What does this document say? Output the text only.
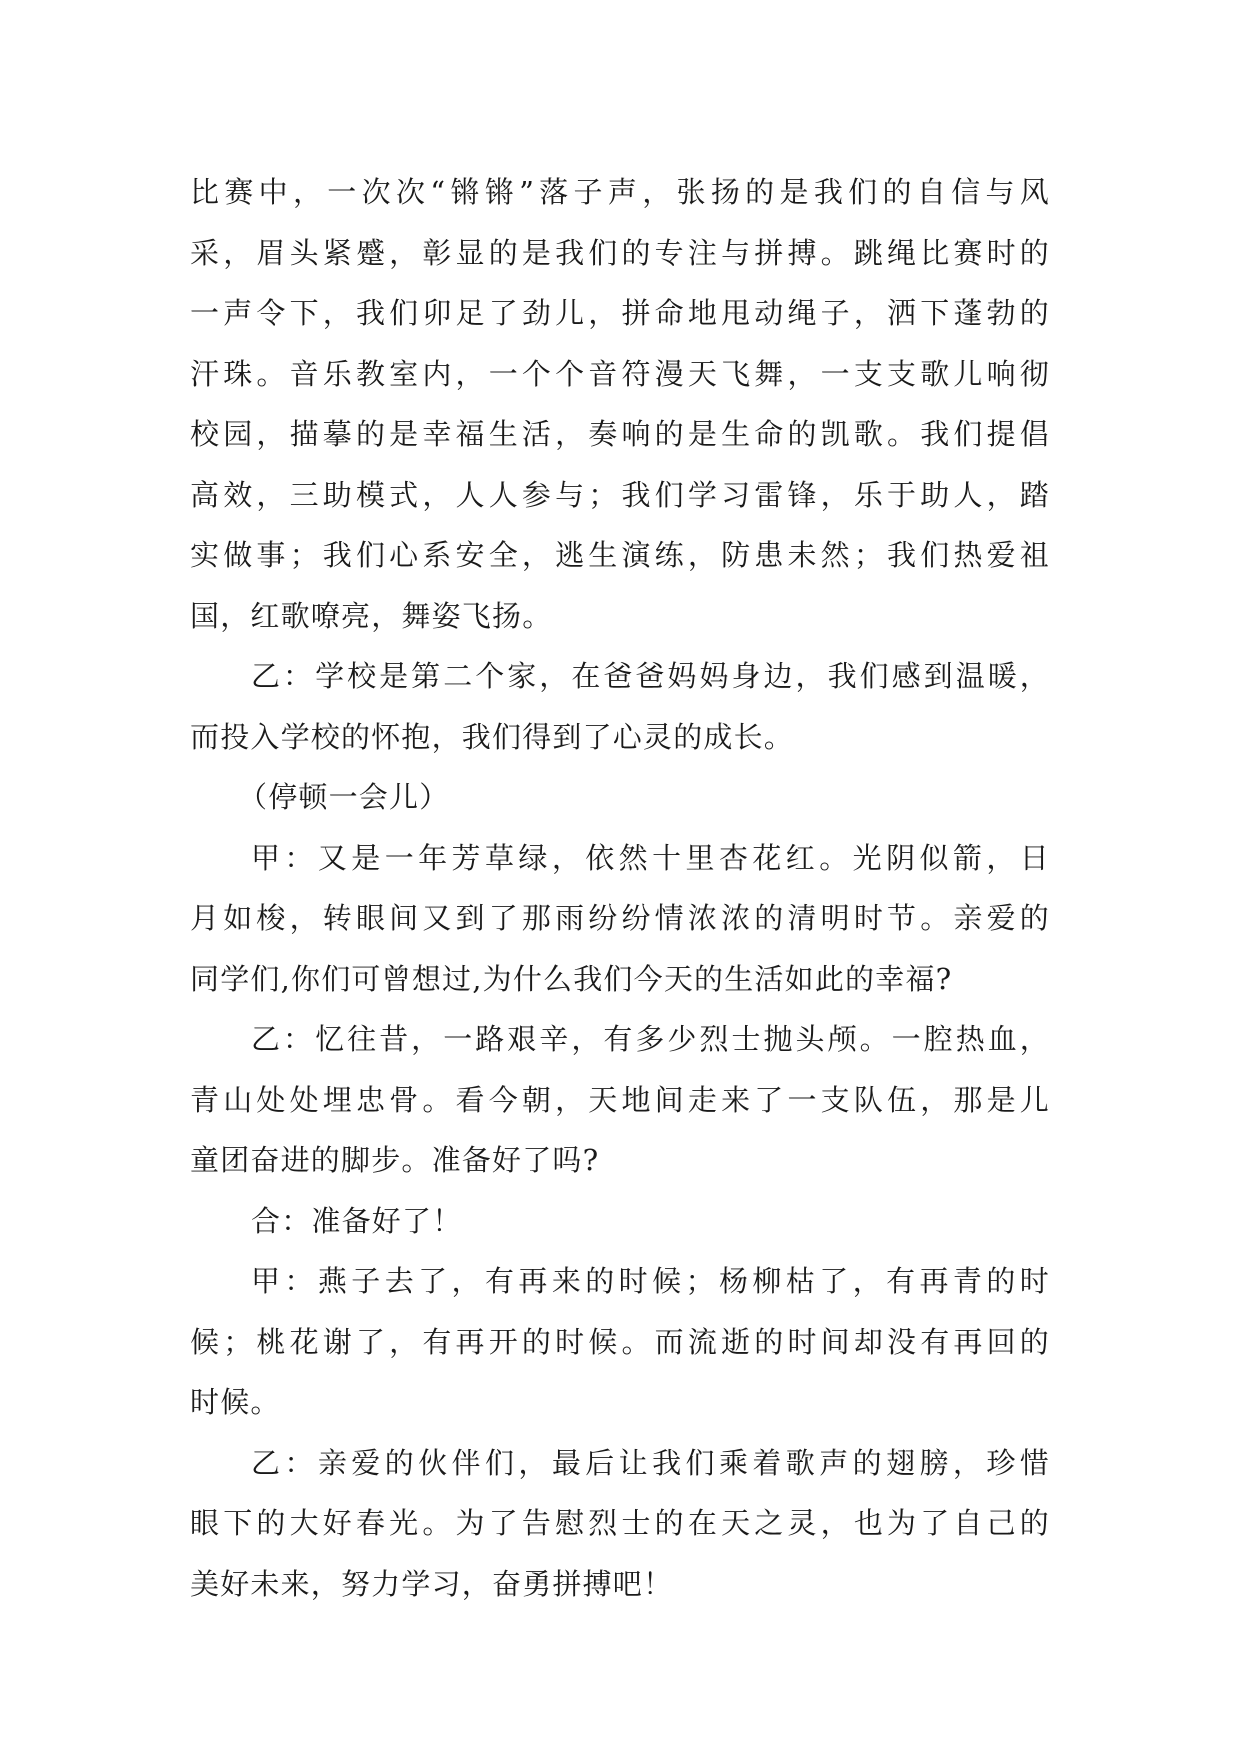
比赛中，一次次“锵锵”落子声，张扬的是我们的自信与风
采，眉头紧蹙，彰显的是我们的专注与拼搏。跳绳比赛时的
一声令下，我们卯足了劲儿，拼命地甩动绳子，洒下蓬勃的
汗珠。音乐教室内，一个个音符漫天飞舞，一支支歌儿响彻
校园，描摹的是幸福生活，奏响的是生命的凯歌。我们提倡
高效，三助模式，人人参与；我们学习雷锋，乐于助人，踏
实做事；我们心系安全，逃生演练，防患未然；我们热爱祖
国，红歌嘹亮，舞姿飞扬。
乙：学校是第二个家，在爸爸妈妈身边，我们感到温暖，
而投入学校的怀抱，我们得到了心灵的成长。
（停顿一会儿）
甲：又是一年芳草绿，依然十里杏花红。光阴似箭，日
月如梭，转眼间又到了那雨纷纷情浓浓的清明时节。亲爱的
同学们,你们可曾想过,为什么我们今天的生活如此的幸福?
乙：忆往昔，一路艰辛，有多少烈士抛头颅。一腔热血，
青山处处埋忠骨。看今朝，天地间走来了一支队伍，那是儿
童团奋进的脚步。准备好了吗?
合：准备好了！
甲：燕子去了，有再来的时候；杨柳枯了，有再青的时
候；桃花谢了，有再开的时候。而流逝的时间却没有再回的
时候。
乙：亲爱的伙伴们，最后让我们乘着歌声的翅膀，珍惜
眼下的大好春光。为了告慰烈士的在天之灵，也为了自己的
美好未来，努力学习，奋勇拼搏吧！
